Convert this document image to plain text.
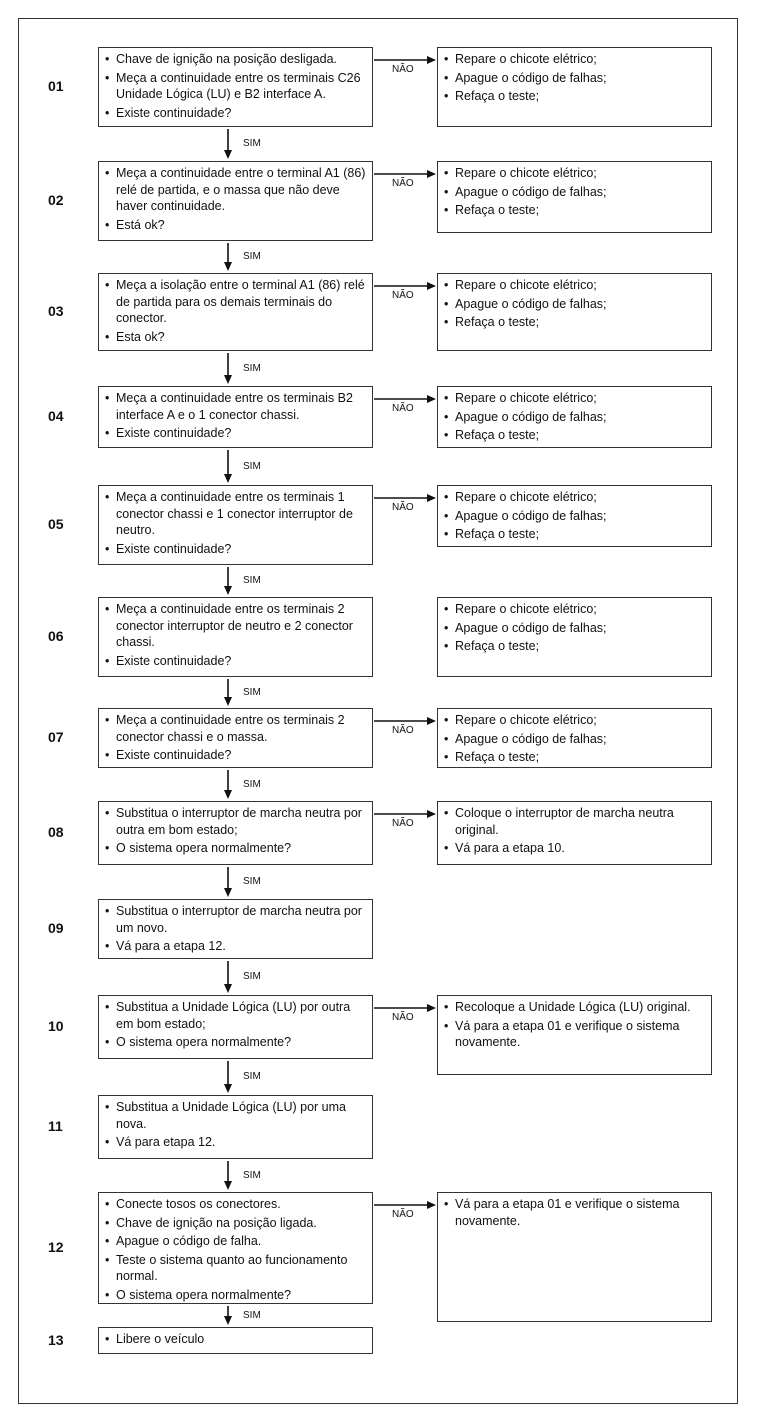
01
• Chave de ignição na posição desligada.
• Meça a continuidade entre os terminais C26 Unidade Lógica (LU) e B2 interface A.
• Existe continuidade?
• Repare o chicote elétrico;
• Apague o código de falhas;
• Refaça o teste;
NÃO
SIM
02
• Meça a continuidade entre o terminal A1 (86) relé de partida, e o massa que não deve haver continuidade.
• Está ok?
• Repare o chicote elétrico;
• Apague o código de falhas;
• Refaça o teste;
NÃO
SIM
03
• Meça a isolação entre o terminal A1 (86) relé de partida para os demais terminais do conector.
• Esta ok?
• Repare o chicote elétrico;
• Apague o código de falhas;
• Refaça o teste;
NÃO
SIM
04
• Meça a continuidade entre os terminais B2 interface A e o 1 conector chassi.
• Existe continuidade?
• Repare o chicote elétrico;
• Apague o código de falhas;
• Refaça o teste;
NÃO
SIM
05
• Meça a continuidade entre os terminais 1 conector chassi e 1 conector interruptor de neutro.
• Existe continuidade?
• Repare o chicote elétrico;
• Apague o código de falhas;
• Refaça o teste;
NÃO
SIM
06
• Meça a continuidade entre os terminais 2 conector interruptor de neutro e 2 conector chassi.
• Existe continuidade?
• Repare o chicote elétrico;
• Apague o código de falhas;
• Refaça o teste;
SIM
07
• Meça a continuidade entre os terminais 2 conector chassi e o massa.
• Existe continuidade?
• Repare o chicote elétrico;
• Apague o código de falhas;
• Refaça o teste;
NÃO
SIM
08
• Substitua o interruptor de marcha neutra por outra em bom estado;
• O sistema opera normalmente?
• Coloque o interruptor de marcha neutra original.
• Vá para a etapa 10.
NÃO
SIM
09
• Substitua o interruptor de marcha neutra por um novo.
• Vá para a etapa 12.
SIM
10
• Substitua a Unidade Lógica (LU) por outra em bom estado;
• O sistema opera normalmente?
• Recoloque a Unidade Lógica (LU) original.
• Vá para a etapa 01 e verifique o sistema novamente.
NÃO
SIM
11
• Substitua a Unidade Lógica (LU) por uma nova.
• Vá para etapa 12.
SIM
12
• Conecte tosos os conectores.
• Chave de ignição na posição ligada.
• Apague o código de falha.
• Teste o sistema quanto ao funcionamento normal.
• O sistema opera normalmente?
• Vá para a etapa 01 e verifique o sistema novamente.
NÃO
SIM
13
•	Libere o veículo
